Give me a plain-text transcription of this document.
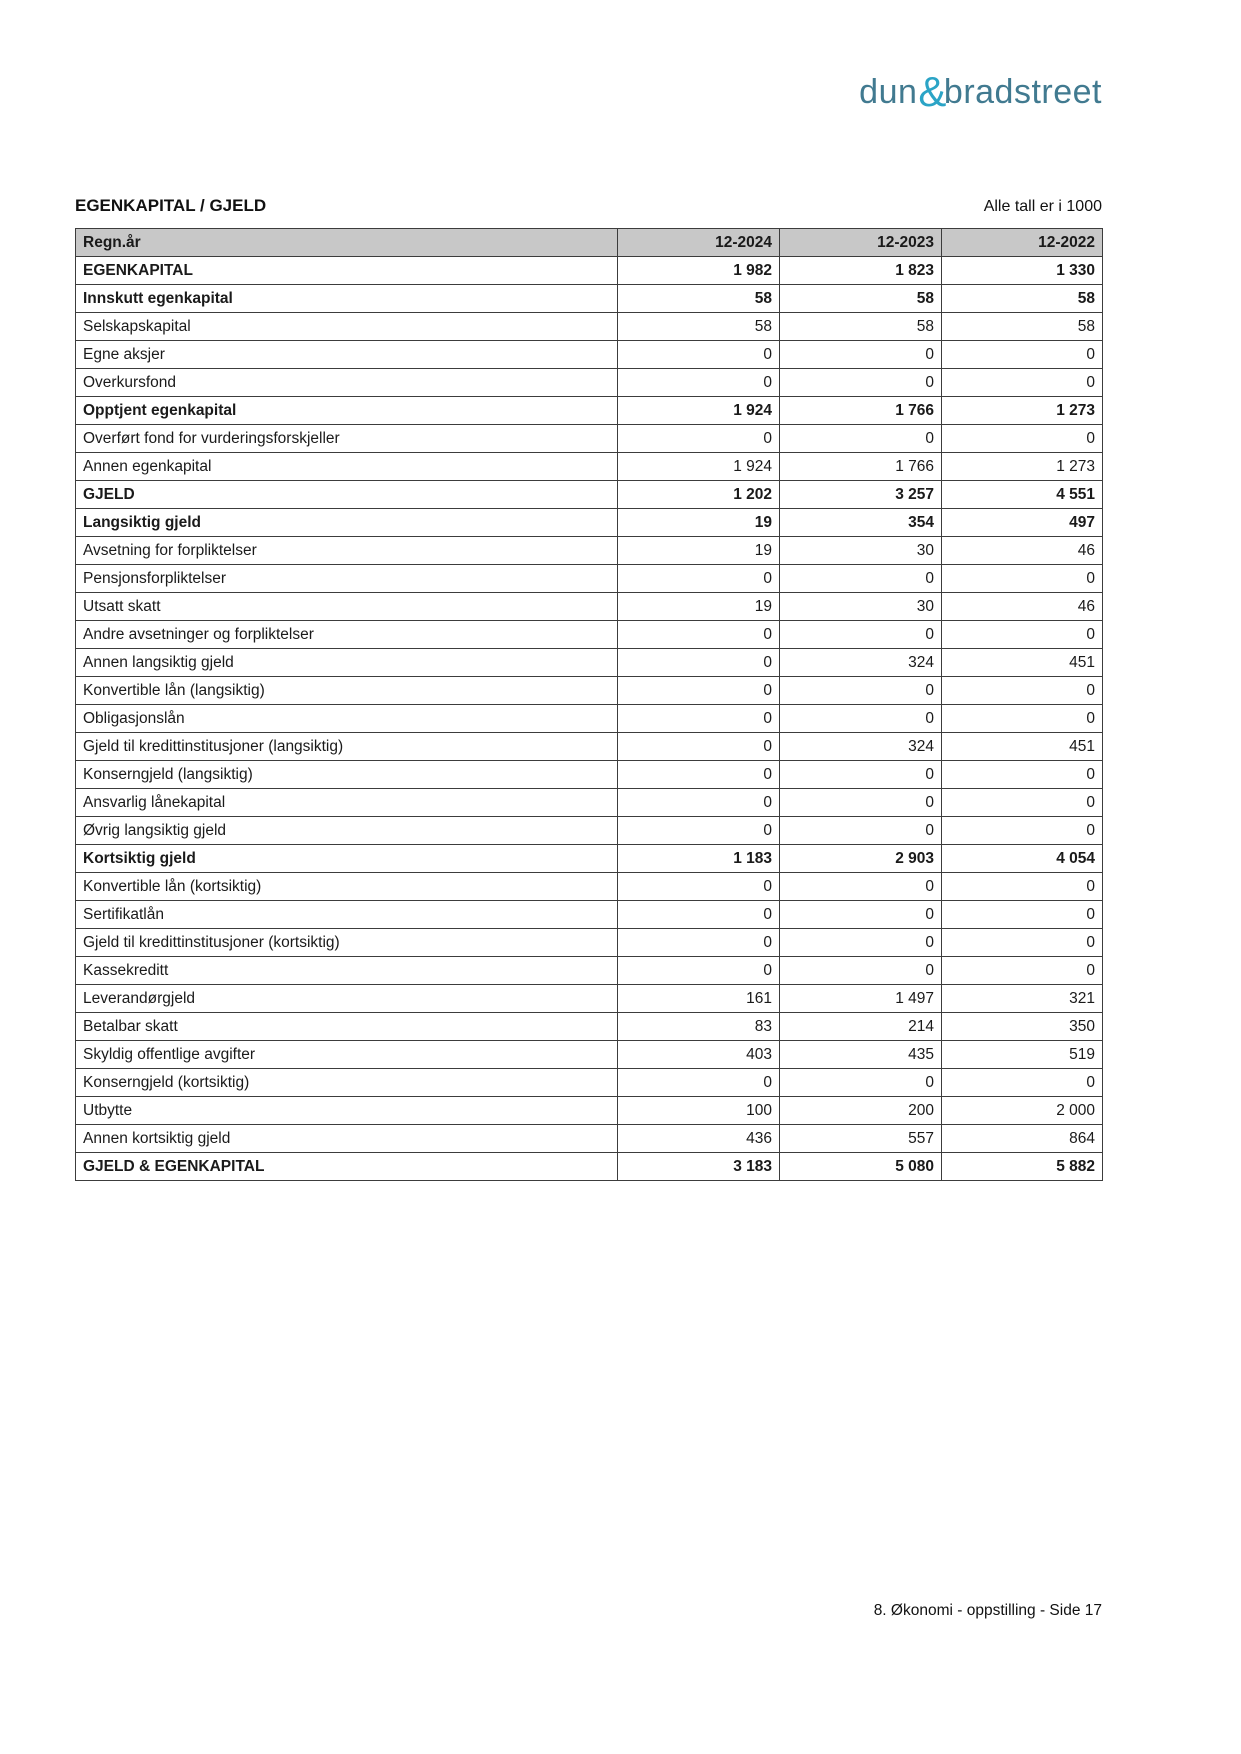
dun&bradstreet
EGENKAPITAL / GJELD	Alle tall er i 1000
Regn.år	12-2024	12-2023	12-2022
EGENKAPITAL	1 982	1 823	1 330
Innskutt egenkapital	58	58	58
Selskapskapital	58	58	58
Egne aksjer	0	0	0
Overkursfond	0	0	0
Opptjent egenkapital	1 924	1 766	1 273
Overført fond for vurderingsforskjeller	0	0	0
Annen egenkapital	1 924	1 766	1 273
GJELD	1 202	3 257	4 551
Langsiktig gjeld	19	354	497
Avsetning for forpliktelser	19	30	46
Pensjonsforpliktelser	0	0	0
Utsatt skatt	19	30	46
Andre avsetninger og forpliktelser	0	0	0
Annen langsiktig gjeld	0	324	451
Konvertible lån (langsiktig)	0	0	0
Obligasjonslån	0	0	0
Gjeld til kredittinstitusjoner (langsiktig)	0	324	451
Konserngjeld (langsiktig)	0	0	0
Ansvarlig lånekapital	0	0	0
Øvrig langsiktig gjeld	0	0	0
Kortsiktig gjeld	1 183	2 903	4 054
Konvertible lån (kortsiktig)	0	0	0
Sertifikatlån	0	0	0
Gjeld til kredittinstitusjoner (kortsiktig)	0	0	0
Kassekreditt	0	0	0
Leverandørgjeld	161	1 497	321
Betalbar skatt	83	214	350
Skyldig offentlige avgifter	403	435	519
Konserngjeld (kortsiktig)	0	0	0
Utbytte	100	200	2 000
Annen kortsiktig gjeld	436	557	864
GJELD & EGENKAPITAL	3 183	5 080	5 882
8. Økonomi - oppstilling - Side 17
